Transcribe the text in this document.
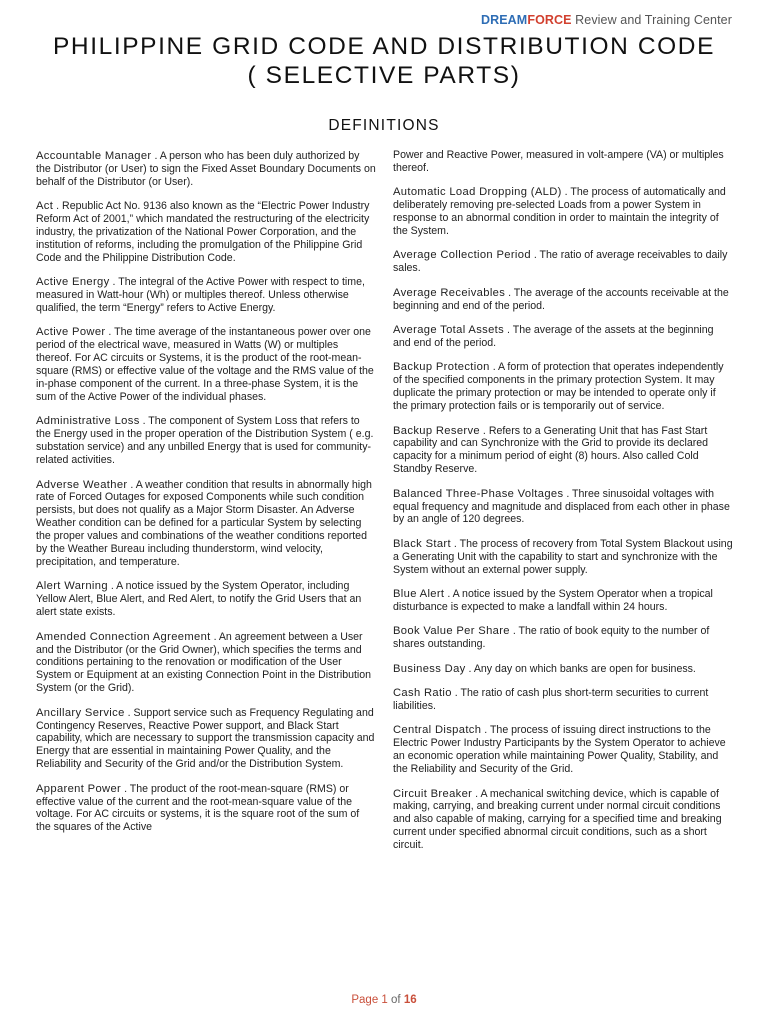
DREAMFORCE Review and Training Center
PHILIPPINE GRID CODE AND DISTRIBUTION CODE
( SELECTIVE PARTS)
DEFINITIONS
Accountable Manager . A person who has been duly authorized by the Distributor (or User) to sign the Fixed Asset Boundary Documents on behalf of the Distributor (or User).
Act . Republic Act No. 9136 also known as the “Electric Power Industry Reform Act of 2001,” which mandated the restructuring of the electricity industry, the privatization of the National Power Corporation, and the institution of reforms, including the promulgation of the Philippine Grid Code and the Philippine Distribution Code.
Active Energy . The integral of the Active Power with respect to time, measured in Watt-hour (Wh) or multiples thereof. Unless otherwise qualified, the term “Energy” refers to Active Energy.
Active Power . The time average of the instantaneous power over one period of the electrical wave, measured in Watts (W) or multiples thereof. For AC circuits or Systems, it is the product of the root-mean-square (RMS) or effective value of the voltage and the RMS value of the in-phase component of the current. In a three-phase System, it is the sum of the Active Power of the individual phases.
Administrative Loss . The component of System Loss that refers to the Energy used in the proper operation of the Distribution System ( e.g. substation service) and any unbilled Energy that is used for community-related activities.
Adverse Weather . A weather condition that results in abnormally high rate of Forced Outages for exposed Components while such condition persists, but does not qualify as a Major Storm Disaster. An Adverse Weather condition can be defined for a particular System by selecting the proper values and combinations of the weather conditions reported by the Weather Bureau including thunderstorm, wind velocity, precipitation, and temperature.
Alert Warning . A notice issued by the System Operator, including Yellow Alert, Blue Alert, and Red Alert, to notify the Grid Users that an alert state exists.
Amended Connection Agreement . An agreement between a User and the Distributor (or the Grid Owner), which specifies the terms and conditions pertaining to the renovation or modification of the User System or Equipment at an existing Connection Point in the Distribution System (or the Grid).
Ancillary Service . Support service such as Frequency Regulating and Contingency Reserves, Reactive Power support, and Black Start capability, which are necessary to support the transmission capacity and Energy that are essential in maintaining Power Quality, and the Reliability and Security of the Grid and/or the Distribution System.
Apparent Power . The product of the root-mean-square (RMS) or effective value of the current and the root-mean-square value of the voltage. For AC circuits or systems, it is the square root of the sum of the squares of the Active
Power and Reactive Power, measured in volt-ampere (VA) or multiples thereof.
Automatic Load Dropping (ALD) . The process of automatically and deliberately removing pre-selected Loads from a power System in response to an abnormal condition in order to maintain the integrity of the System.
Average Collection Period . The ratio of average receivables to daily sales.
Average Receivables . The average of the accounts receivable at the beginning and end of the period.
Average Total Assets . The average of the assets at the beginning and end of the period.
Backup Protection . A form of protection that operates independently of the specified components in the primary protection System. It may duplicate the primary protection or may be intended to operate only if the primary protection fails or is temporarily out of service.
Backup Reserve . Refers to a Generating Unit that has Fast Start capability and can Synchronize with the Grid to provide its declared capacity for a minimum period of eight (8) hours. Also called Cold Standby Reserve.
Balanced Three-Phase Voltages . Three sinusoidal voltages with equal frequency and magnitude and displaced from each other in phase by an angle of 120 degrees.
Black Start . The process of recovery from Total System Blackout using a Generating Unit with the capability to start and synchronize with the System without an external power supply.
Blue Alert . A notice issued by the System Operator when a tropical disturbance is expected to make a landfall within 24 hours.
Book Value Per Share . The ratio of book equity to the number of shares outstanding.
Business Day . Any day on which banks are open for business.
Cash Ratio . The ratio of cash plus short-term securities to current liabilities.
Central Dispatch . The process of issuing direct instructions to the Electric Power Industry Participants by the System Operator to achieve an economic operation while maintaining Power Quality, Stability, and the Reliability and Security of the Grid.
Circuit Breaker . A mechanical switching device, which is capable of making, carrying, and breaking current under normal circuit conditions and also capable of making, carrying for a specified time and breaking current under specified abnormal circuit conditions, such as a short circuit.
Page 1 of 16
